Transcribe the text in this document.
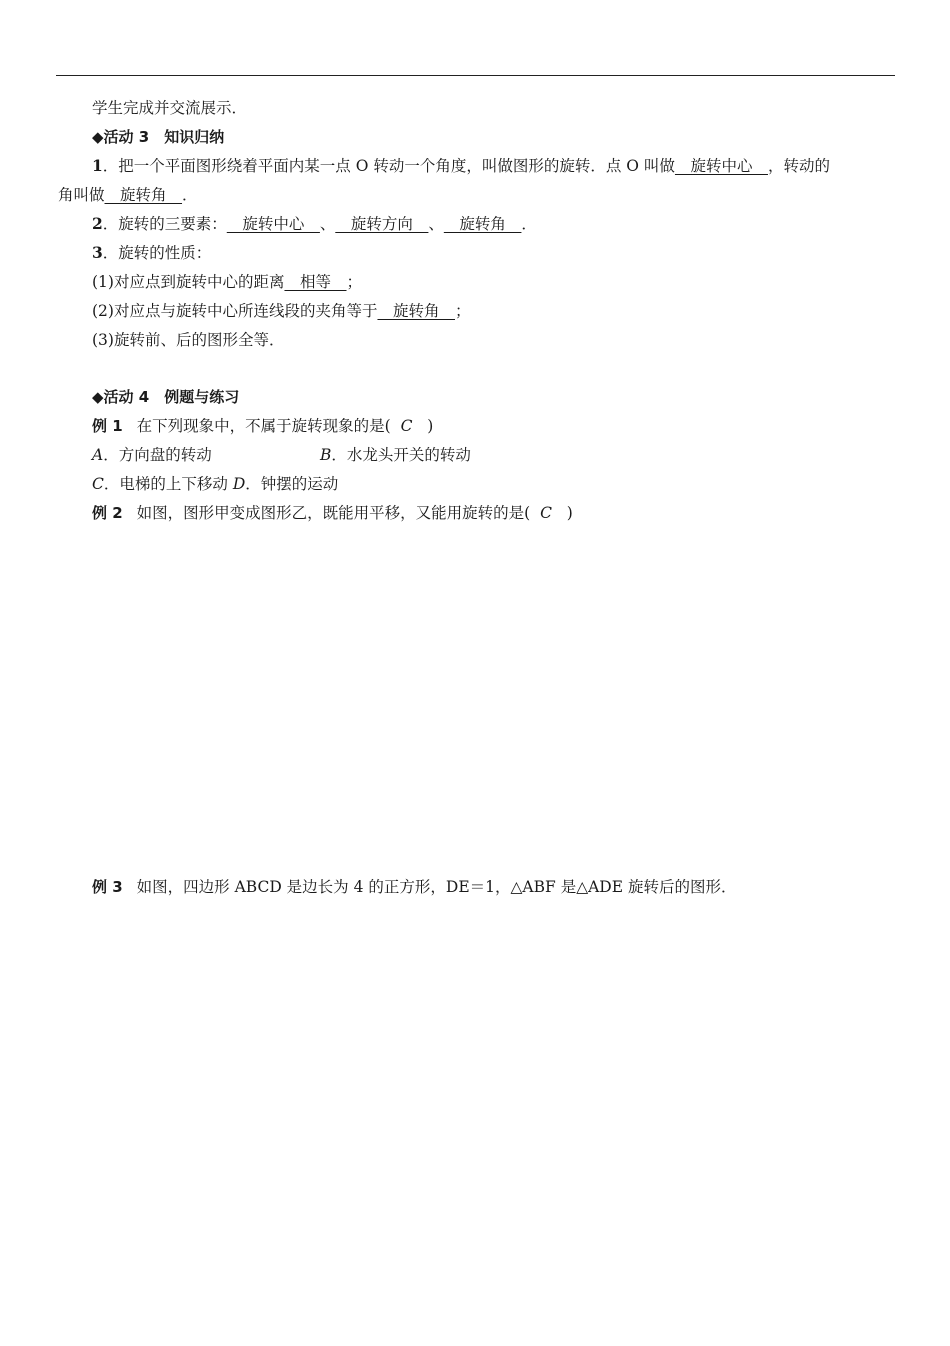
学生完成并交流展示．
◆活动 3　知识归纳
1．把一个平面图形绕着平面内某一点 O 转动一个角度，叫做图形的旋转．点 O 叫做__旋转中心__，转动的
角叫做__旋转角__．
2．旋转的三要素：__旋转中心__、__旋转方向__、__旋转角__．
3．旋转的性质：
(1)对应点到旋转中心的距离__相等__；
(2)对应点与旋转中心所连线段的夹角等于__旋转角__；
(3)旋转前、后的图形全等．
◆活动 4　例题与练习
例 1 在下列现象中，不属于旋转现象的是( C )
A．方向盘的转动	B．水龙头开关的转动
C．电梯的上下移动 D．钟摆的运动
例 2 如图，图形甲变成图形乙，既能用平移，又能用旋转的是( C )
例 3 如图，四边形 ABCD 是边长为 4 的正方形，DE＝1，△ABF 是△ADE 旋转后的图形．
